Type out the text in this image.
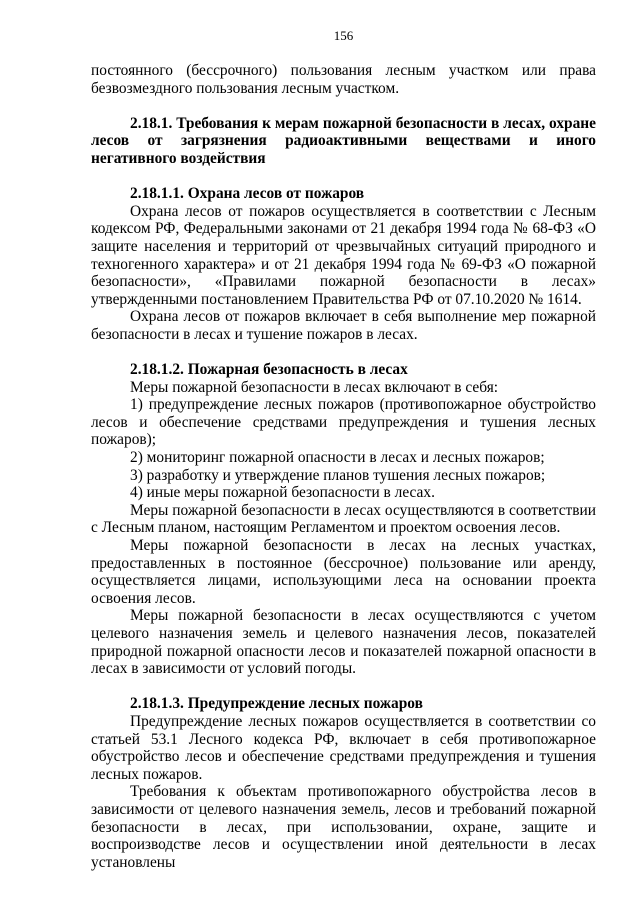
156

постоянного (бессрочного) пользования лесным участком или права безвозмездного пользования лесным участком.

2.18.1. Требования к мерам пожарной безопасности в лесах, охране лесов от загрязнения радиоактивными веществами и иного негативного воздействия

2.18.1.1. Охрана лесов от пожаров

Охрана лесов от пожаров осуществляется в соответствии с Лесным кодексом РФ, Федеральными законами от 21 декабря 1994 года № 68-ФЗ «О защите населения и территорий от чрезвычайных ситуаций природного и техногенного характера» и от 21 декабря 1994 года № 69-ФЗ «О пожарной безопасности», «Правилами пожарной безопасности в лесах» утвержденными постановлением Правительства РФ от 07.10.2020 № 1614.

Охрана лесов от пожаров включает в себя выполнение мер пожарной безопасности в лесах и тушение пожаров в лесах.

2.18.1.2. Пожарная безопасность в лесах

Меры пожарной безопасности в лесах включают в себя:

1) предупреждение лесных пожаров (противопожарное обустройство лесов и обеспечение средствами предупреждения и тушения лесных пожаров);

2) мониторинг пожарной опасности в лесах и лесных пожаров;

3) разработку и утверждение планов тушения лесных пожаров;

4) иные меры пожарной безопасности в лесах.

Меры пожарной безопасности в лесах осуществляются в соответствии с Лесным планом, настоящим Регламентом и проектом освоения лесов.

Меры пожарной безопасности в лесах на лесных участках, предоставленных в постоянное (бессрочное) пользование или аренду, осуществляется лицами, использующими леса на основании проекта освоения лесов.

Меры пожарной безопасности в лесах осуществляются с учетом целевого назначения земель и целевого назначения лесов, показателей природной пожарной опасности лесов и показателей пожарной опасности в лесах в зависимости от условий погоды.

2.18.1.3. Предупреждение лесных пожаров

Предупреждение лесных пожаров осуществляется в соответствии со статьей 53.1 Лесного кодекса РФ, включает в себя противопожарное обустройство лесов и обеспечение средствами предупреждения и тушения лесных пожаров.

Требования к объектам противопожарного обустройства лесов в зависимости от целевого назначения земель, лесов и требований пожарной безопасности в лесах, при использовании, охране, защите и воспроизводстве лесов и осуществлении иной деятельности в лесах установлены
